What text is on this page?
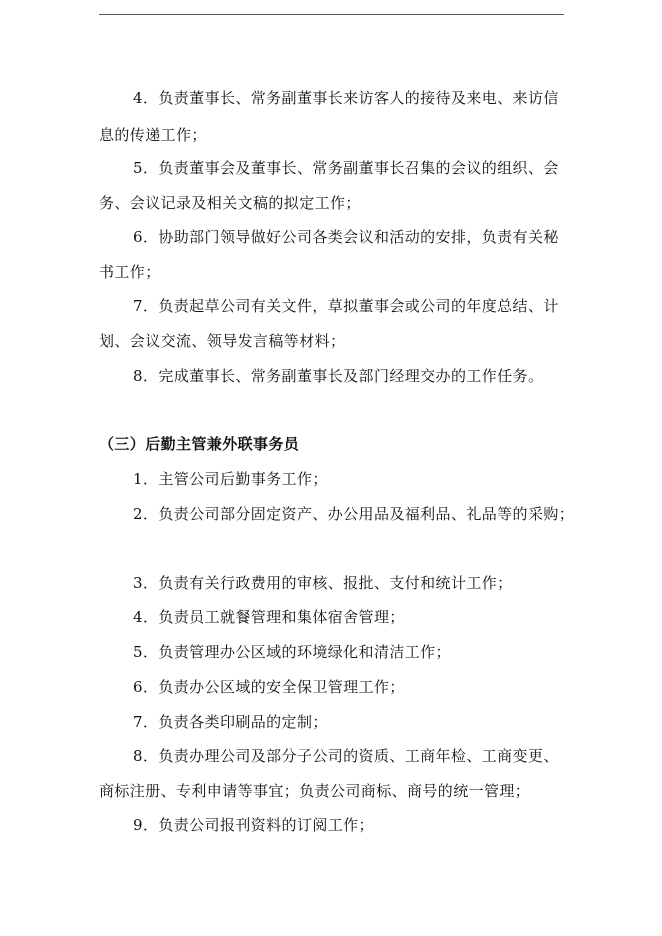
4．负责董事长、常务副董事长来访客人的接待及来电、来访信
息的传递工作；
5．负责董事会及董事长、常务副董事长召集的会议的组织、会
务、会议记录及相关文稿的拟定工作；
6．协助部门领导做好公司各类会议和活动的安排，负责有关秘
书工作；
7．负责起草公司有关文件，草拟董事会或公司的年度总结、计
划、会议交流、领导发言稿等材料；
8．完成董事长、常务副董事长及部门经理交办的工作任务。
（三）后勤主管兼外联事务员
1．主管公司后勤事务工作；
2．负责公司部分固定资产、办公用品及福利品、礼品等的采购；
3．负责有关行政费用的审核、报批、支付和统计工作；
4．负责员工就餐管理和集体宿舍管理；
5．负责管理办公区域的环境绿化和清洁工作；
6．负责办公区域的安全保卫管理工作；
7．负责各类印刷品的定制；
8．负责办理公司及部分子公司的资质、工商年检、工商变更、
商标注册、专利申请等事宜；负责公司商标、商号的统一管理；
9．负责公司报刊资料的订阅工作；
